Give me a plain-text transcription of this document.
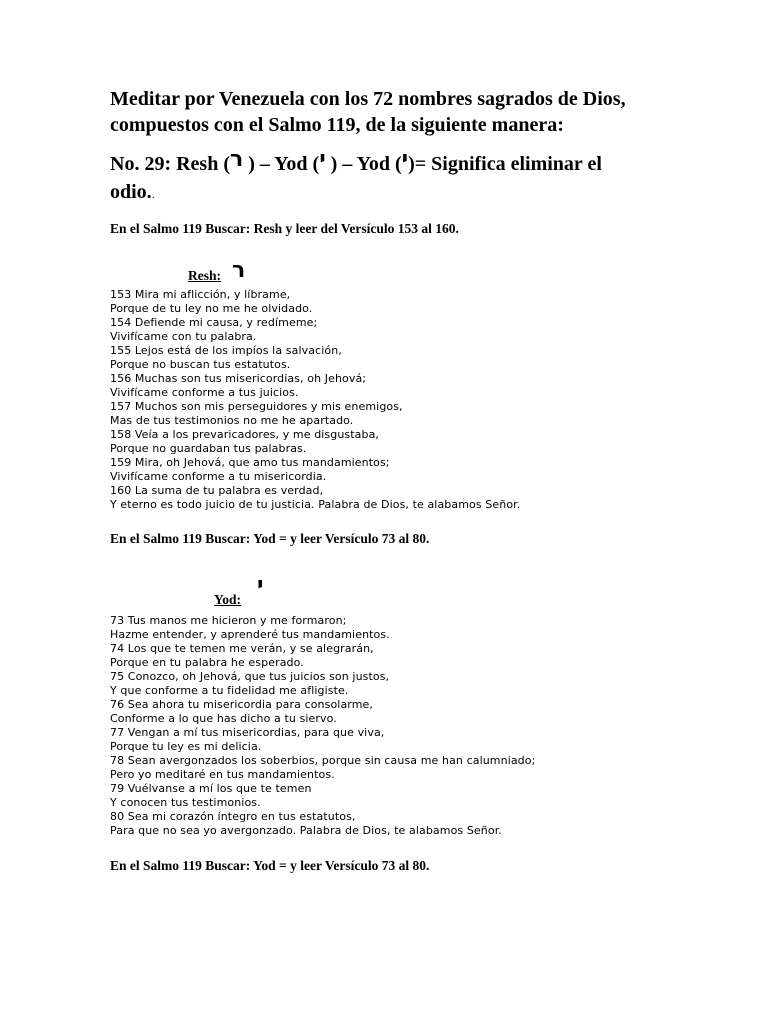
Meditar por Venezuela con los 72 nombres sagrados de Dios,
compuestos con el Salmo 119, de la siguiente manera:
No. 29: Resh (ר ) – Yod (י ) – Yod (י)= Significa eliminar el
odio..
En el Salmo 119 Buscar: Resh y leer del Versículo 153 al 160.
Resh: ר
153 Mira mi aflicción, y líbrame,
Porque de tu ley no me he olvidado.
154 Defiende mi causa, y redímeme;
Vivifícame con tu palabra.
155 Lejos está de los impíos la salvación,
Porque no buscan tus estatutos.
156 Muchas son tus misericordias, oh Jehová;
Vivifícame conforme a tus juicios.
157 Muchos son mis perseguidores y mis enemigos,
Mas de tus testimonios no me he apartado.
158 Veía a los prevaricadores, y me disgustaba,
Porque no guardaban tus palabras.
159 Mira, oh Jehová, que amo tus mandamientos;
Vivifícame conforme a tu misericordia.
160 La suma de tu palabra es verdad,
Y eterno es todo juicio de tu justicia. Palabra de Dios, te alabamos Señor.
En el Salmo 119 Buscar: Yod = y leer Versículo 73 al 80.
Yod:
י
73 Tus manos me hicieron y me formaron;
Hazme entender, y aprenderé tus mandamientos.
74 Los que te temen me verán, y se alegrarán,
Porque en tu palabra he esperado.
75 Conozco, oh Jehová, que tus juicios son justos,
Y que conforme a tu fidelidad me afligiste.
76 Sea ahora tu misericordia para consolarme,
Conforme a lo que has dicho a tu siervo.
77 Vengan a mí tus misericordias, para que viva,
Porque tu ley es mi delicia.
78 Sean avergonzados los soberbios, porque sin causa me han calumniado;
Pero yo meditaré en tus mandamientos.
79 Vuélvanse a mí los que te temen
Y conocen tus testimonios.
80 Sea mi corazón íntegro en tus estatutos,
Para que no sea yo avergonzado. Palabra de Dios, te alabamos Señor.
En el Salmo 119 Buscar: Yod = y leer Versículo 73 al 80.
